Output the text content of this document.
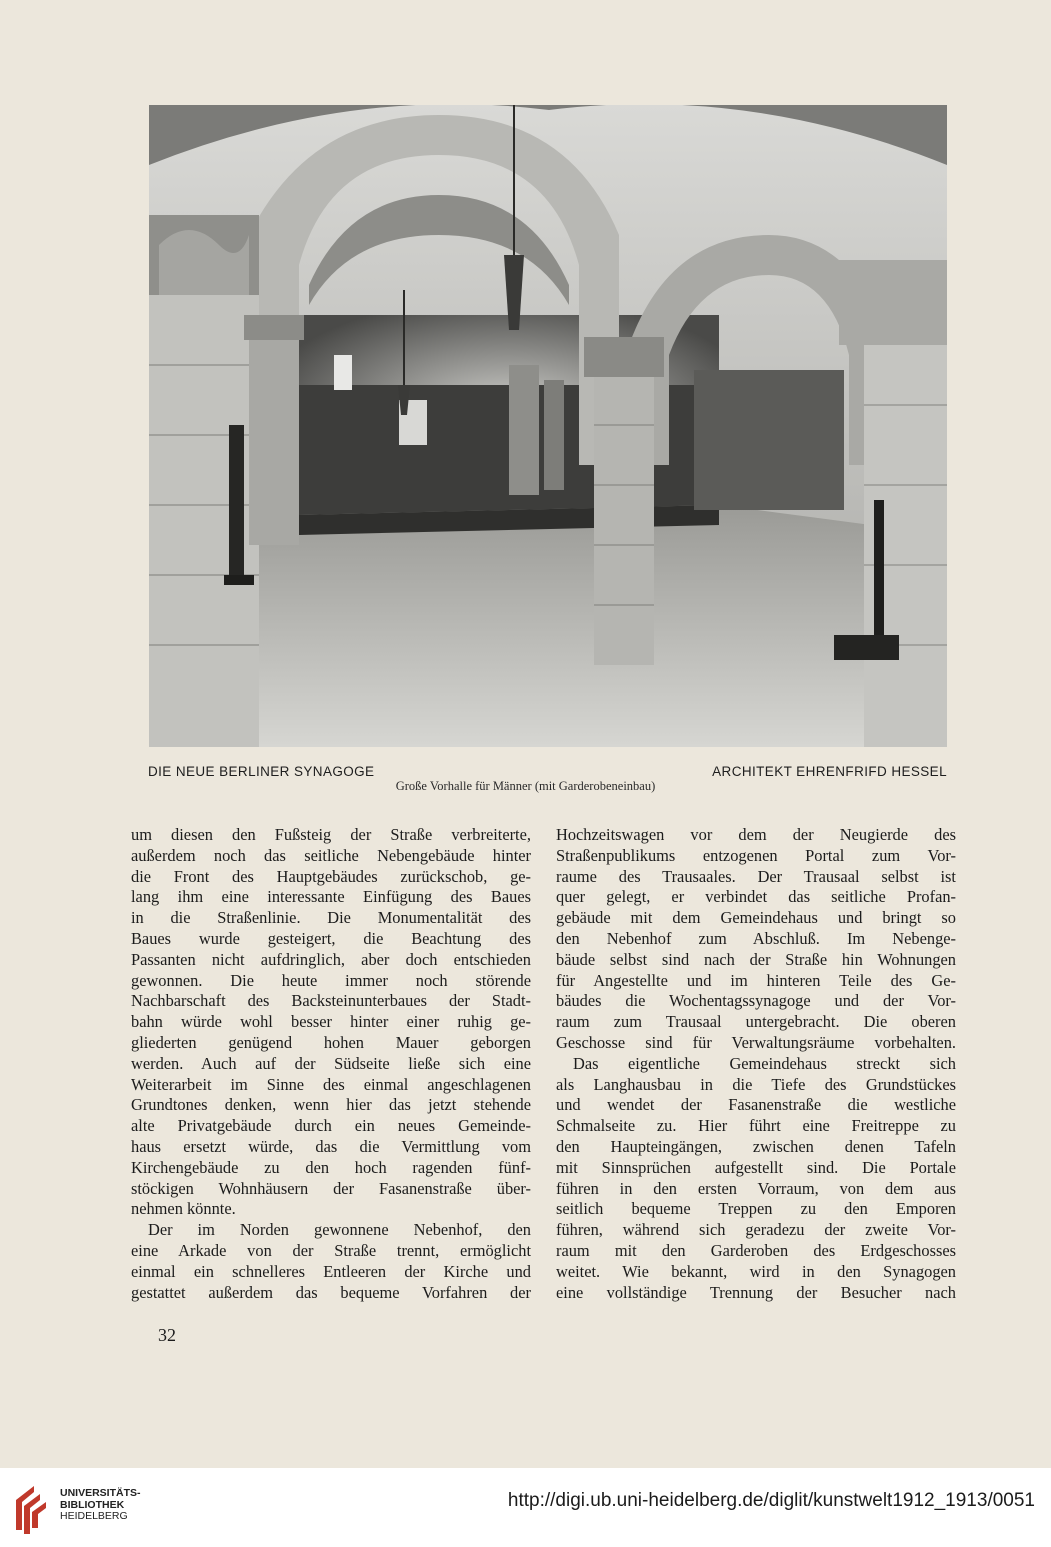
DIE NEUE BERLINER SYNAGOGE	ARCHITEKT EHRENFRIFD HESSEL
Große Vorhalle für Männer (mit Garderobeneinbau)

um diesen den Fußsteig der Straße verbreiterte,

außerdem noch das seitliche Nebengebäude hinter

die Front des Hauptgebäudes zurückschob, ge-

lang ihm eine interessante Einfügung des Baues

in die Straßenlinie. Die Monumentalität des

Baues wurde gesteigert, die Beachtung des

Passanten nicht aufdringlich, aber doch entschieden

gewonnen. Die heute immer noch störende

Nachbarschaft des Backsteinunterbaues der Stadt-

bahn würde wohl besser hinter einer ruhig ge-

gliederten genügend hohen Mauer geborgen

werden. Auch auf der Südseite ließe sich eine

Weiterarbeit im Sinne des einmal angeschlagenen

Grundtones denken, wenn hier das jetzt stehende

alte Privatgebäude durch ein neues Gemeinde-

haus ersetzt würde, das die Vermittlung vom

Kirchengebäude zu den hoch ragenden fünf-

stöckigen Wohnhäusern der Fasanenstraße über-

nehmen könnte.

Der im Norden gewonnene Nebenhof, den

eine Arkade von der Straße trennt, ermöglicht

einmal ein schnelleres Entleeren der Kirche und

gestattet außerdem das bequeme Vorfahren der

Hochzeitswagen vor dem der Neugierde des

Straßenpublikums entzogenen Portal zum Vor-

raume des Trausaales. Der Trausaal selbst ist

quer gelegt, er verbindet das seitliche Profan-

gebäude mit dem Gemeindehaus und bringt so

den Nebenhof zum Abschluß. Im Nebenge-

bäude selbst sind nach der Straße hin Wohnungen

für Angestellte und im hinteren Teile des Ge-

bäudes die Wochentagssynagoge und der Vor-

raum zum Trausaal untergebracht. Die oberen

Geschosse sind für Verwaltungsräume vorbehalten.

Das eigentliche Gemeindehaus streckt sich

als Langhausbau in die Tiefe des Grundstückes

und wendet der Fasanenstraße die westliche

Schmalseite zu. Hier führt eine Freitreppe zu

den Haupteingängen, zwischen denen Tafeln

mit Sinnsprüchen aufgestellt sind. Die Portale

führen in den ersten Vorraum, von dem aus

seitlich bequeme Treppen zu den Emporen

führen, während sich geradezu der zweite Vor-

raum mit den Garderoben des Erdgeschosses

weitet. Wie bekannt, wird in den Synagogen

eine vollständige Trennung der Besucher nach

32
UNIVERSITÄTS-
BIBLIOTHEK
HEIDELBERG
http://digi.ub.uni-heidelberg.de/diglit/kunstwelt1912_1913/0051
